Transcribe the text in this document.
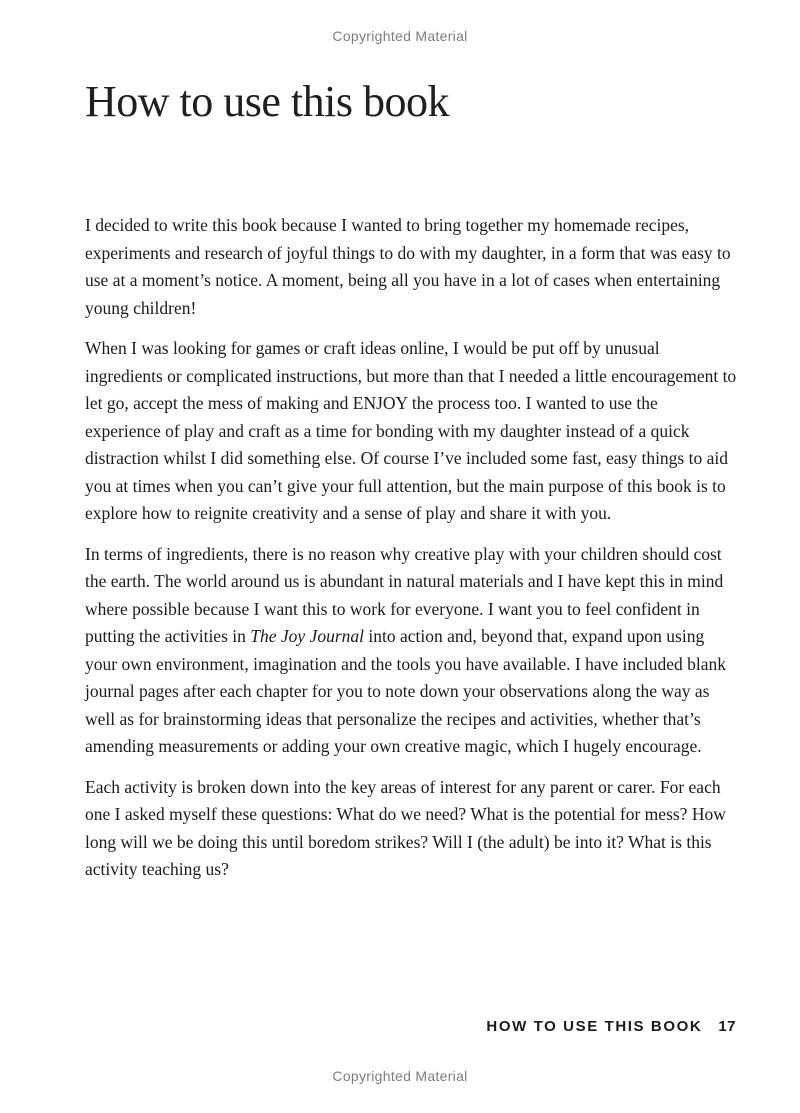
Copyrighted Material
How to use this book

I decided to write this book because I wanted to bring together my homemade recipes, experiments and research of joyful things to do with my daughter, in a form that was easy to use at a moment’s notice. A moment, being all you have in a lot of cases when entertaining young children!

When I was looking for games or craft ideas online, I would be put off by unusual ingredients or complicated instructions, but more than that I needed a little encouragement to let go, accept the mess of making and ENJOY the process too. I wanted to use the experience of play and craft as a time for bonding with my daughter instead of a quick distraction whilst I did something else. Of course I’ve included some fast, easy things to aid you at times when you can’t give your full attention, but the main purpose of this book is to explore how to reignite creativity and a sense of play and share it with you.

In terms of ingredients, there is no reason why creative play with your children should cost the earth. The world around us is abundant in natural materials and I have kept this in mind where possible because I want this to work for everyone. I want you to feel confident in putting the activities in The Joy Journal into action and, beyond that, expand upon using your own environment, imagination and the tools you have available. I have included blank journal pages after each chapter for you to note down your observations along the way as well as for brainstorming ideas that personalize the recipes and activities, whether that’s amending measurements or adding your own creative magic, which I hugely encourage.

Each activity is broken down into the key areas of interest for any parent or carer. For each one I asked myself these questions: What do we need? What is the potential for mess? How long will we be doing this until boredom strikes? Will I (the adult) be into it? What is this activity teaching us?

HOW TO USE THIS BOOK 17
Copyrighted Material
